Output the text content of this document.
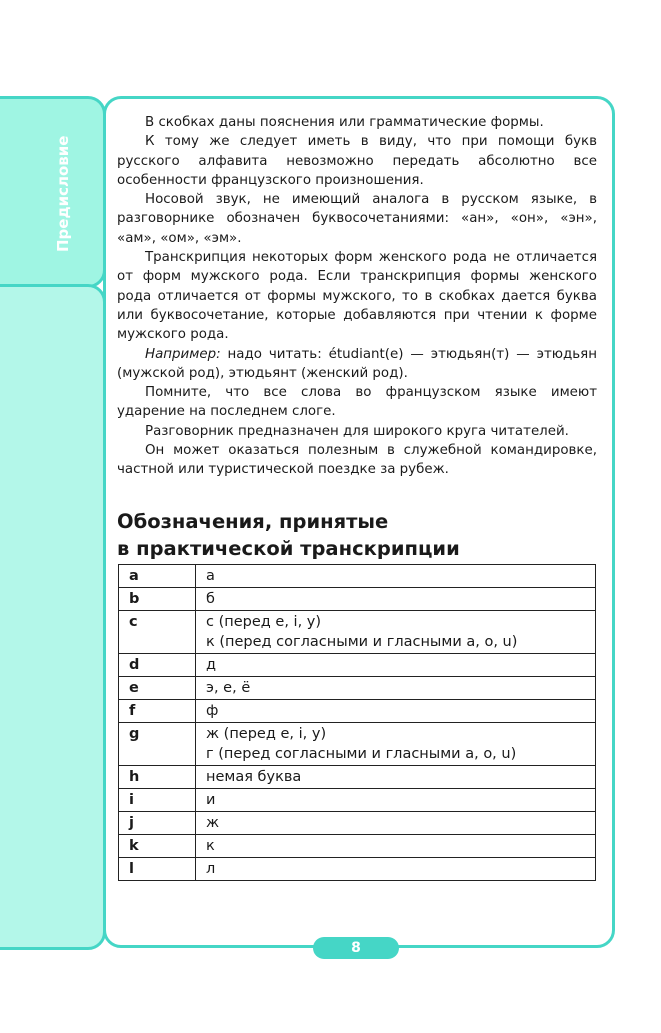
Предисловие

В скобках даны пояснения или грамматические формы.

К тому же следует иметь в виду, что при помощи букв русского алфавита невозможно передать абсолютно все особенности французского произношения.

Носовой звук, не имеющий аналога в русском языке, в разговорнике обозначен буквосочетаниями: «ан», «он», «эн», «ам», «ом», «эм».

Транскрипция некоторых форм женского рода не отличается от форм мужского рода. Если транскрипция формы женского рода отличается от формы мужского, то в скобках дается буква или буквосочетание, которые добавляются при чтении к форме мужского рода.

Например: надо читать: étudiant(e) — этюдьян(т) — этюдьян (мужской род), этюдьянт (женский род).

Помните, что все слова во французском языке имеют ударение на последнем слоге.

Разговорник предназначен для широкого круга читателей.

Он может оказаться полезным в служебной командировке, частной или туристической поездке за рубеж.

Обозначения, принятые
в практической транскрипции
a	а

b	б

c	с (перед e, i, y)
к (перед согласными и гласными a, o, u)

d	д

e	э, е, ё

f	ф

g	ж (перед e, i, y)
г (перед согласными и гласными a, o, u)

h	немая буква

i	и

j	ж

k	к

l	л
8
